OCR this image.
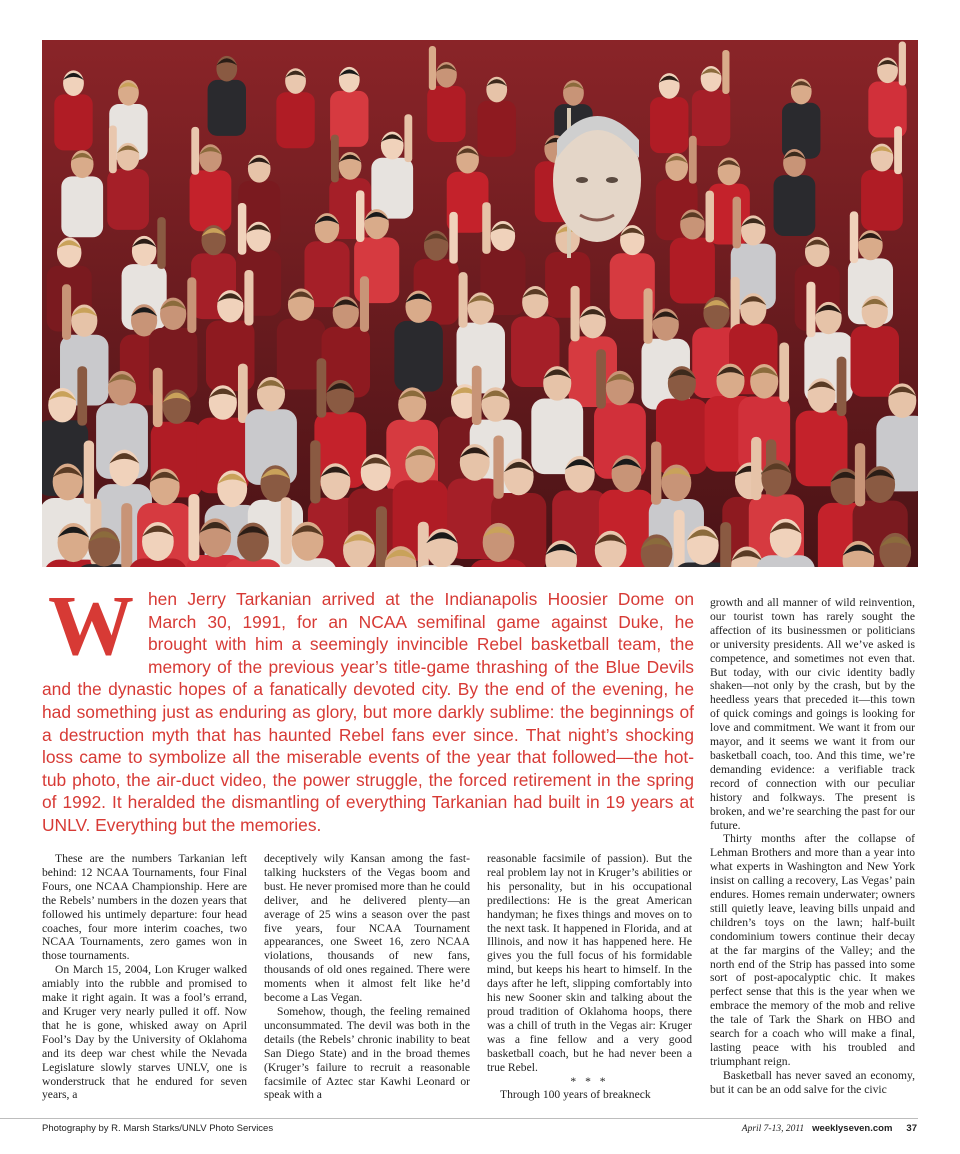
W hen Jerry Tarkanian arrived at the Indianapolis Hoosier Dome on March 30, 1991, for an NCAA semifinal game against Duke, he brought with him a seemingly invincible Rebel basketball team, the memory of the previous year’s title-game thrashing of the Blue Devils and the dynastic hopes of a fanatically devoted city. By the end of the evening, he had something just as enduring as glory, but more darkly sublime: the beginnings of a destruction myth that has haunted Rebel fans ever since. That night’s shocking loss came to symbolize all the miserable events of the year that followed—the hot-tub photo, the air-duct video, the power struggle, the forced retirement in the spring of 1992. It heralded the dismantling of everything Tarkanian had built in 19 years at UNLV. Everything but the memories.

These are the numbers Tarkanian left behind: 12 NCAA Tournaments, four Final Fours, one NCAA Championship. Here are the Rebels’ numbers in the dozen years that followed his untimely departure: four head coaches, four more interim coaches, two NCAA Tournaments, zero games won in those tournaments.

On March 15, 2004, Lon Kruger walked amiably into the rubble and promised to make it right again. It was a fool’s errand, and Kruger very nearly pulled it off. Now that he is gone, whisked away on April Fool’s Day by the University of Oklahoma and its deep war chest while the Nevada Legislature slowly starves UNLV, one is wonderstruck that he endured for seven years, a

deceptively wily Kansan among the fast-talking hucksters of the Vegas boom and bust. He never promised more than he could deliver, and he delivered plenty—an average of 25 wins a season over the past five years, four NCAA Tournament appearances, one Sweet 16, zero NCAA violations, thousands of new fans, thousands of old ones regained. There were moments when it almost felt like he’d become a Las Vegan.

Somehow, though, the feeling remained unconsummated. The devil was both in the details (the Rebels’ chronic inability to beat San Diego State) and in the broad themes (Kruger’s failure to recruit a reasonable facsimile of Aztec star Kawhi Leonard or speak with a

reasonable facsimile of passion). But the real problem lay not in Kruger’s abilities or his personality, but in his occupational predilections: He is the great American handyman; he fixes things and moves on to the next task. It happened in Florida, and at Illinois, and now it has happened here. He gives you the full focus of his formidable mind, but keeps his heart to himself. In the days after he left, slipping comfortably into his new Sooner skin and talking about the proud tradition of Oklahoma hoops, there was a chill of truth in the Vegas air: Kruger was a fine fellow and a very good basketball coach, but he had never been a true Rebel.

* * *

Through 100 years of breakneck

growth and all manner of wild reinvention, our tourist town has rarely sought the affection of its businessmen or politicians or university presidents. All we’ve asked is competence, and sometimes not even that. But today, with our civic identity badly shaken—not only by the crash, but by the heedless years that preceded it—this town of quick comings and goings is looking for love and commitment. We want it from our mayor, and it seems we want it from our basketball coach, too. And this time, we’re demanding evidence: a verifiable track record of connection with our peculiar history and folkways. The present is broken, and we’re searching the past for our future.

Thirty months after the collapse of Lehman Brothers and more than a year into what experts in Washington and New York insist on calling a recovery, Las Vegas’ pain endures. Homes remain underwater; owners still quietly leave, leaving bills unpaid and children’s toys on the lawn; half-built condominium towers continue their decay at the far margins of the Valley; and the north end of the Strip has passed into some sort of post-apocalyptic chic. It makes perfect sense that this is the year when we embrace the memory of the mob and relive the tale of Tark the Shark on HBO and search for a coach who will make a final, lasting peace with his troubled and triumphant reign.

Basketball has never saved an economy, but it can be an odd salve for the civic

Photography by R. Marsh Starks/UNLV Photo Services	April 7-13, 2011 weeklyseven.com 37
